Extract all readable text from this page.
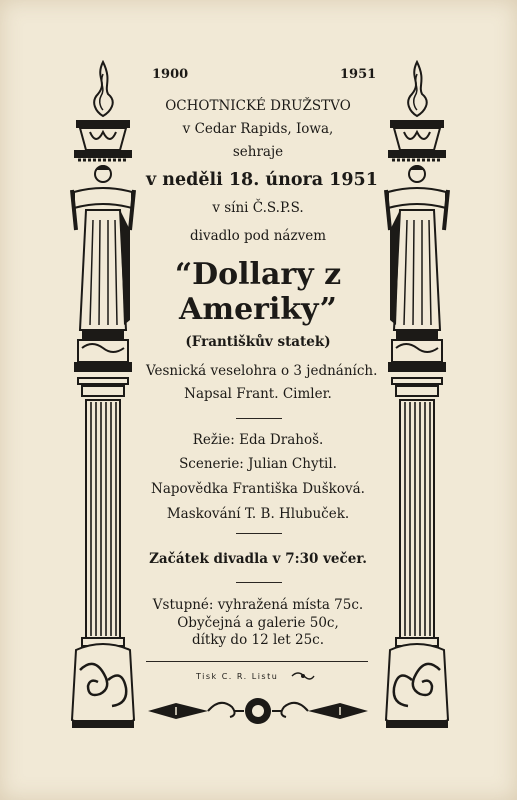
1900	1951
OCHOTNICKÉ DRUŽSTVO
v Cedar Rapids, Iowa,
sehraje
v neděli 18. února 1951
v síni Č.S.P.S.
divadlo pod názvem
“Dollary z
Ameriky”
(Františkův statek)
Vesnická veselohra o 3 jednáních.
Napsal Frant. Cimler.
Režie: Eda Drahoš.
Scenerie: Julian Chytil.
Napovědka Františka Dušková.
Maskování T. B. Hlubuček.
Začátek divadla v 7:30 večer.
Vstupné: vyhražená místa 75c.
Obyčejná a galerie 50c,
dítky do 12 let 25c.
Tisk C. R. Listu
